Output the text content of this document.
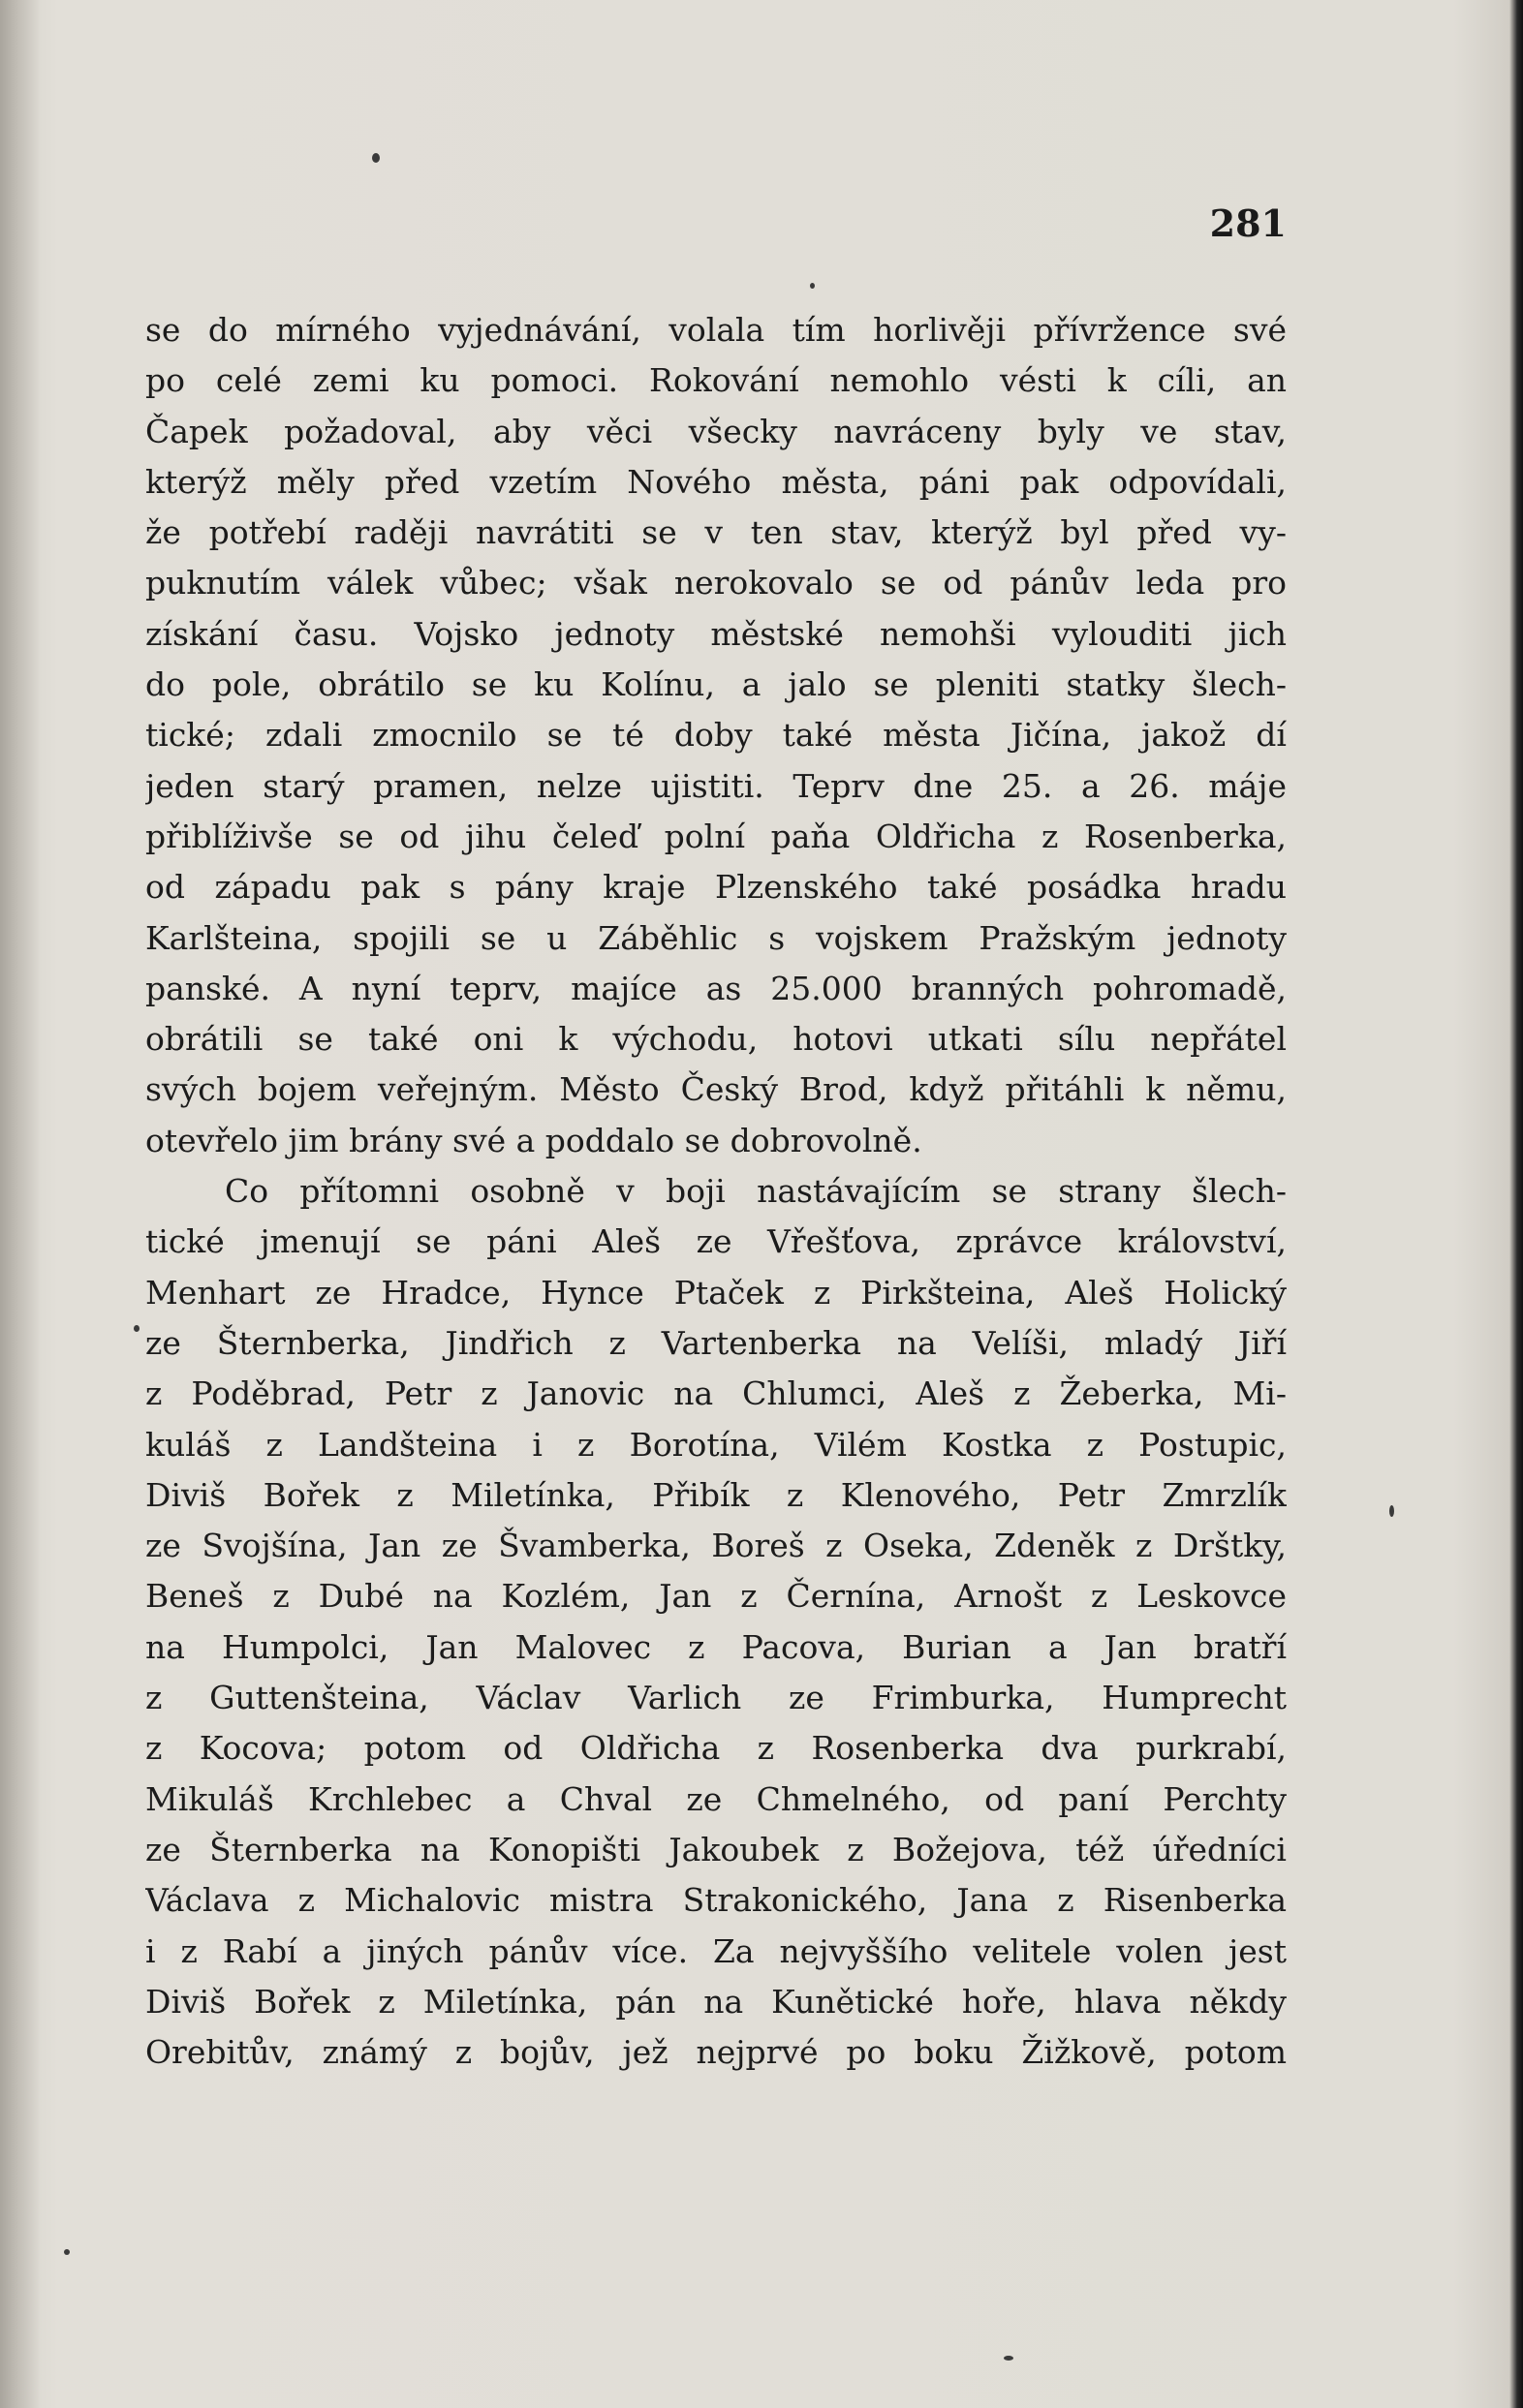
281
se do mírného vyjednávání, volala tím horlivěji přívržence své
po celé zemi ku pomoci. Rokování nemohlo vésti k cíli, an
Čapek požadoval, aby věci všecky navráceny byly ve stav,
kterýž měly před vzetím Nového města, páni pak odpovídali,
že potřebí raději navrátiti se v ten stav, kterýž byl před vy-
puknutím válek vůbec; však nerokovalo se od pánův leda pro
získání času. Vojsko jednoty městské nemohši vylouditi jich
do pole, obrátilo se ku Kolínu, a jalo se pleniti statky šlech-
tické; zdali zmocnilo se té doby také města Jičína, jakož dí
jeden starý pramen, nelze ujistiti. Teprv dne 25. a 26. máje
přiblíživše se od jihu čeleď polní paňa Oldřicha z Rosenberka,
od západu pak s pány kraje Plzenského také posádka hradu
Karlšteina, spojili se u Záběhlic s vojskem Pražským jednoty
panské. A nyní teprv, majíce as 25.000 branných pohromadě,
obrátili se také oni k východu, hotovi utkati sílu nepřátel
svých bojem veřejným. Město Český Brod, když přitáhli k němu,
otevřelo jim brány své a poddalo se dobrovolně.
Co přítomni osobně v boji nastávajícím se strany šlech-
tické jmenují se páni Aleš ze Vřešťova, zprávce království,
Menhart ze Hradce, Hynce Ptaček z Pirkšteina, Aleš Holický
ze Šternberka, Jindřich z Vartenberka na Velíši, mladý Jiří
z Poděbrad, Petr z Janovic na Chlumci, Aleš z Žeberka, Mi-
kuláš z Landšteina i z Borotína, Vilém Kostka z Postupic,
Diviš Bořek z Miletínka, Přibík z Klenového, Petr Zmrzlík
ze Svojšína, Jan ze Švamberka, Boreš z Oseka, Zdeněk z Drštky,
Beneš z Dubé na Kozlém, Jan z Černína, Arnošt z Leskovce
na Humpolci, Jan Malovec z Pacova, Burian a Jan bratří
z Guttenšteina, Václav Varlich ze Frimburka, Humprecht
z Kocova; potom od Oldřicha z Rosenberka dva purkrabí,
Mikuláš Krchlebec a Chval ze Chmelného, od paní Perchty
ze Šternberka na Konopišti Jakoubek z Božejova, též úředníci
Václava z Michalovic mistra Strakonického, Jana z Risenberka
i z Rabí a jiných pánův více. Za nejvyššího velitele volen jest
Diviš Bořek z Miletínka, pán na Kunětické hoře, hlava někdy
Orebitův, známý z bojův, jež nejprvé po boku Žižkově, potom
